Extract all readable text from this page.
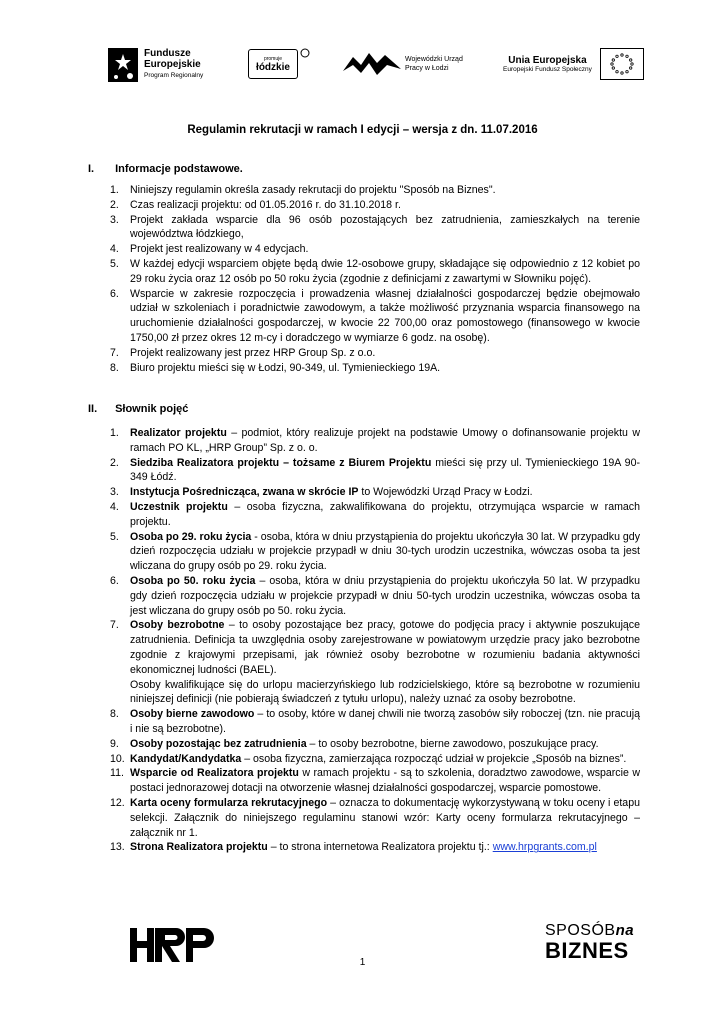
Fundusze
Europejskie
Program Regionalny
promuje
łódzkie
Wojewódzki Urząd
Pracy w Łodzi
Unia Europejska
Europejski Fundusz Społeczny
Regulamin rekrutacji w ramach I edycji – wersja z dn. 11.07.2016
I. Informacje podstawowe.
1. Niniejszy regulamin określa zasady rekrutacji do projektu "Sposób na Biznes".
2. Czas realizacji projektu: od 01.05.2016 r. do 31.10.2018 r.
3. Projekt zakłada wsparcie dla 96 osób pozostających bez zatrudnienia, zamieszkałych na terenie województwa łódzkiego,
4. Projekt jest realizowany w 4 edycjach.
5. W każdej edycji wsparciem objęte będą dwie 12-osobowe grupy, składające się odpowiednio z 12 kobiet po 29 roku życia oraz 12 osób po 50 roku życia (zgodnie z definicjami z zawartymi w Słowniku pojęć).
6. Wsparcie w zakresie rozpoczęcia i prowadzenia własnej działalności gospodarczej będzie obejmowało udział w szkoleniach i poradnictwie zawodowym, a także możliwość przyznania wsparcia finansowego na uruchomienie działalności gospodarczej, w kwocie 22 700,00 oraz pomostowego (finansowego w kwocie 1750,00 zł przez okres 12 m-cy i doradczego w wymiarze 6 godz. na osobę).
7. Projekt realizowany jest przez HRP Group Sp. z o.o.
8. Biuro projektu mieści się w Łodzi, 90-349, ul. Tymienieckiego 19A.
II. Słownik pojęć
1. Realizator projektu – podmiot, który realizuje projekt na podstawie Umowy o dofinansowanie projektu w ramach PO KL, „HRP Group” Sp. z o. o.
2. Siedziba Realizatora projektu – tożsame z Biurem Projektu mieści się przy ul. Tymienieckiego 19A 90-349 Łódź.
3. Instytucja Pośrednicząca, zwana w skrócie IP to Wojewódzki Urząd Pracy w Łodzi.
4. Uczestnik projektu – osoba fizyczna, zakwalifikowana do projektu, otrzymująca wsparcie w ramach projektu.
5. Osoba po 29. roku życia - osoba, która w dniu przystąpienia do projektu ukończyła 30 lat. W przypadku gdy dzień rozpoczęcia udziału w projekcie przypadł w dniu 30-tych urodzin uczestnika, wówczas osoba ta jest wliczana do grupy osób po 29. roku życia.
6. Osoba po 50. roku życia – osoba, która w dniu przystąpienia do projektu ukończyła 50 lat. W przypadku gdy dzień rozpoczęcia udziału w projekcie przypadł w dniu 50-tych urodzin uczestnika, wówczas osoba ta jest wliczana do grupy osób po 50. roku życia.
7. Osoby bezrobotne – to osoby pozostające bez pracy, gotowe do podjęcia pracy i aktywnie poszukujące zatrudnienia. Definicja ta uwzględnia osoby zarejestrowane w powiatowym urzędzie pracy jako bezrobotne zgodnie z krajowymi przepisami, jak również osoby bezrobotne w rozumieniu badania aktywności ekonomicznej ludności (BAEL).
Osoby kwalifikujące się do urlopu macierzyńskiego lub rodzicielskiego, które są bezrobotne w rozumieniu niniejszej definicji (nie pobierają świadczeń z tytułu urlopu), należy uznać za osoby bezrobotne.
8. Osoby bierne zawodowo – to osoby, które w danej chwili nie tworzą zasobów siły roboczej (tzn. nie pracują i nie są bezrobotne).
9. Osoby pozostając bez zatrudnienia – to osoby bezrobotne, bierne zawodowo, poszukujące pracy.
10. Kandydat/Kandydatka – osoba fizyczna, zamierzająca rozpocząć udział w projekcie „Sposób na biznes”.
11. Wsparcie od Realizatora projektu w ramach projektu - są to szkolenia, doradztwo zawodowe, wsparcie w postaci jednorazowej dotacji na otworzenie własnej działalności gospodarczej, wsparcie pomostowe.
12. Karta oceny formularza rekrutacyjnego – oznacza to dokumentację wykorzystywaną w toku oceny i etapu selekcji. Załącznik do niniejszego regulaminu stanowi wzór: Karty oceny formularza rekrutacyjnego –załącznik nr 1.
13. Strona Realizatora projektu – to strona internetowa Realizatora projektu tj.: www.hrpgrants.com.pl
1
SPOSÓBna
BIZNES
